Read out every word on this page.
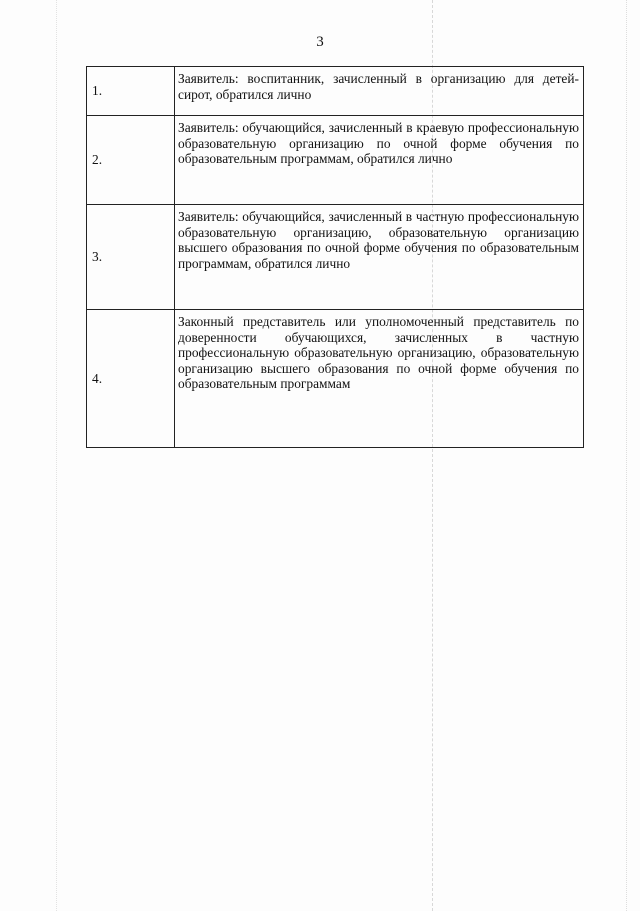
3
1.	Заявитель: воспитанник, зачисленный в организацию для детей-сирот, обратился лично

2.	Заявитель: обучающийся, зачисленный в краевую профессиональную образовательную организацию по очной форме обучения по образовательным программам, обратился лично

3.	Заявитель: обучающийся, зачисленный в частную профессиональную образовательную организацию, образовательную организацию высшего образования по очной форме обучения по образовательным программам, обратился лично

4.	Законный представитель или уполномоченный представитель по доверенности обучающихся, зачисленных в частную профессиональную образовательную организацию, образовательную организацию высшего образования по очной форме обучения по образовательным программам
